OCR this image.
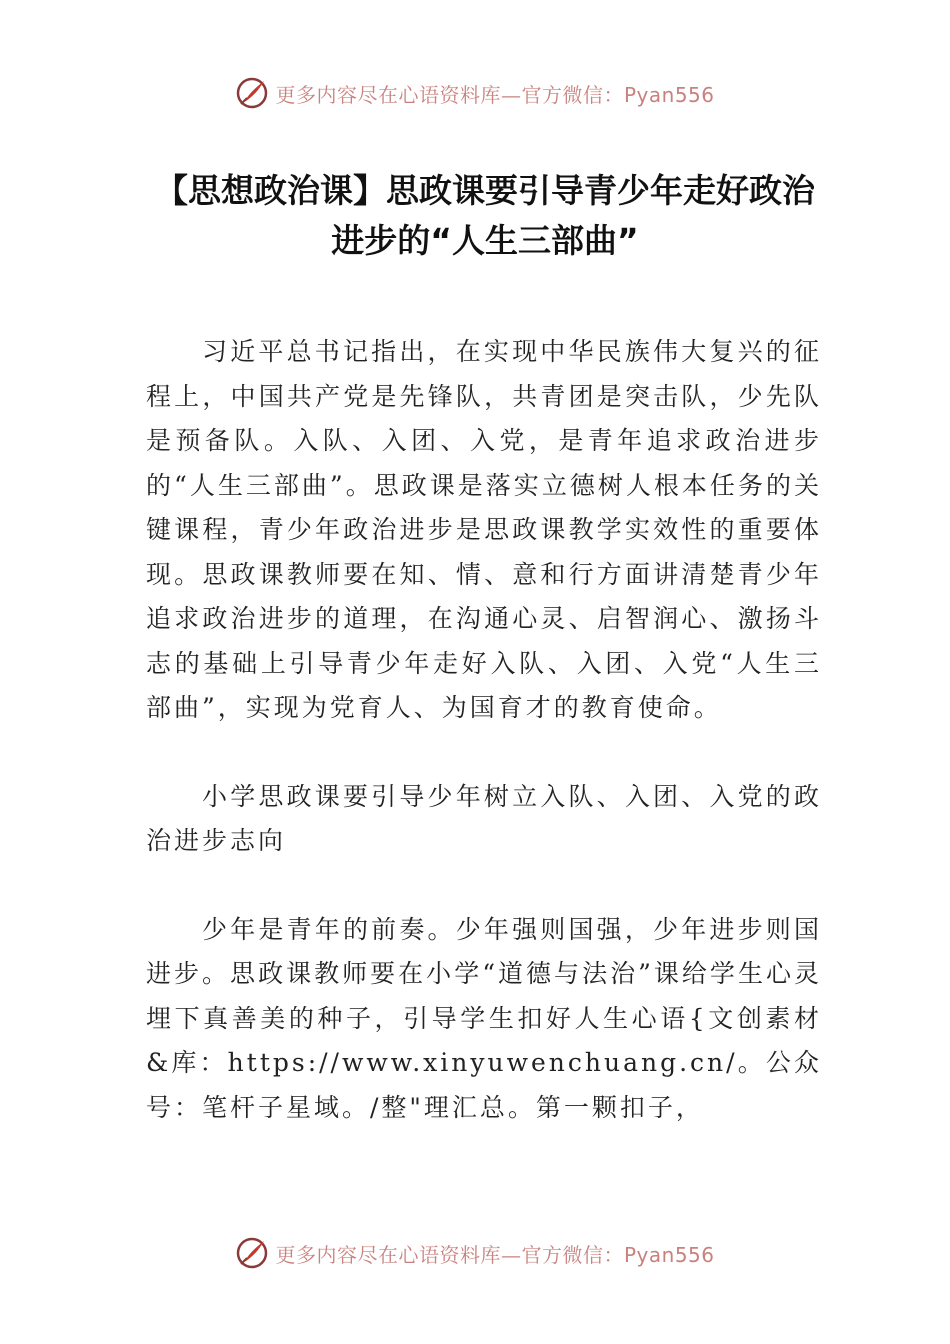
更多内容尽在心语资料库—官方微信：Pyan556
【思想政治课】思政课要引导青少年走好政治进步的“人生三部曲”

习近平总书记指出，在实现中华民族伟大复兴的征程上，中国共产党是先锋队，共青团是突击队，少先队是预备队。入队、入团、入党，是青年追求政治进步的“人生三部曲”。思政课是落实立德树人根本任务的关键课程，青少年政治进步是思政课教学实效性的重要体现。思政课教师要在知、情、意和行方面讲清楚青少年追求政治进步的道理，在沟通心灵、启智润心、激扬斗志的基础上引导青少年走好入队、入团、入党“人生三部曲”，实现为党育人、为国育才的教育使命。

小学思政课要引导少年树立入队、入团、入党的政治进步志向

少年是青年的前奏。少年强则国强，少年进步则国进步。思政课教师要在小学“道德与法治”课给学生心灵埋下真善美的种子，引导学生扣好人生心语{文创素材&库：https://www.xinyuwenchuang.cn/。公众号：笔杆子星域。/整"理汇总。第一颗扣子，

更多内容尽在心语资料库—官方微信：Pyan556
